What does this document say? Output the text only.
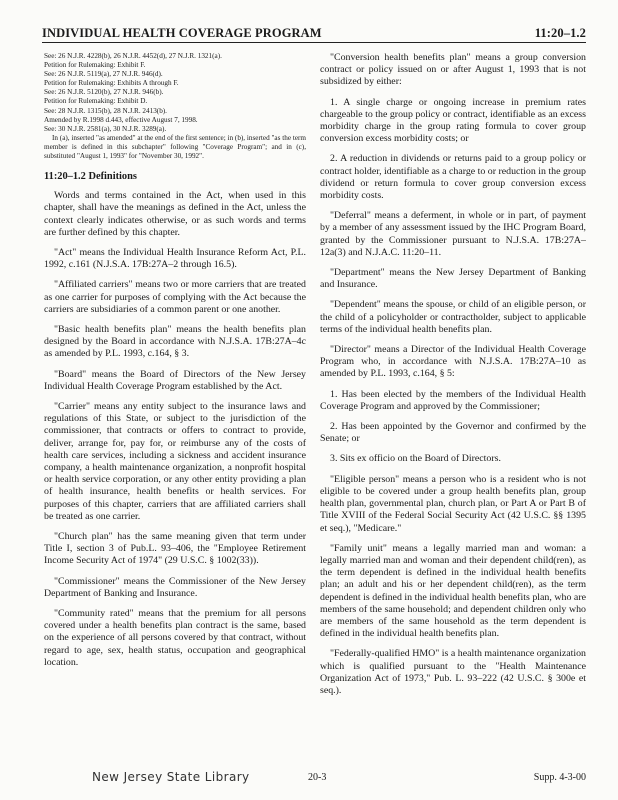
INDIVIDUAL HEALTH COVERAGE PROGRAM	11:20–1.2
See: 26 N.J.R. 4228(b), 26 N.J.R. 4452(d), 27 N.J.R. 1321(a).
Petition for Rulemaking: Exhibit F.
See: 26 N.J.R. 5119(a), 27 N.J.R. 946(d).
Petition for Rulemaking: Exhibits A through F.
See: 26 N.J.R. 5120(b), 27 N.J.R. 946(b).
Petition for Rulemaking: Exhibit D.
See: 28 N.J.R. 1315(b), 28 N.J.R. 2413(b).
Amended by R.1998 d.443, effective August 7, 1998.
See: 30 N.J.R. 2581(a), 30 N.J.R. 3289(a).
In (a), inserted "as amended" at the end of the first sentence; in (b), inserted "as the term member is defined in this subchapter" following "Coverage Program"; and in (c), substituted "August 1, 1993" for "November 30, 1992".
11:20–1.2 Definitions

Words and terms contained in the Act, when used in this chapter, shall have the meanings as defined in the Act, unless the context clearly indicates otherwise, or as such words and terms are further defined by this chapter.

"Act" means the Individual Health Insurance Reform Act, P.L. 1992, c.161 (N.J.S.A. 17B:27A–2 through 16.5).

"Affiliated carriers" means two or more carriers that are treated as one carrier for purposes of complying with the Act because the carriers are subsidiaries of a common parent or one another.

"Basic health benefits plan" means the health benefits plan designed by the Board in accordance with N.J.S.A. 17B:27A–4c as amended by P.L. 1993, c.164, § 3.

"Board" means the Board of Directors of the New Jersey Individual Health Coverage Program established by the Act.

"Carrier" means any entity subject to the insurance laws and regulations of this State, or subject to the jurisdiction of the commissioner, that contracts or offers to contract to provide, deliver, arrange for, pay for, or reimburse any of the costs of health care services, including a sickness and accident insurance company, a health maintenance organization, a nonprofit hospital or health service corporation, or any other entity providing a plan of health insurance, health benefits or health services. For purposes of this chapter, carriers that are affiliated carriers shall be treated as one carrier.

"Church plan" has the same meaning given that term under Title I, section 3 of Pub.L. 93–406, the "Employee Retirement Income Security Act of 1974" (29 U.S.C. § 1002(33)).

"Commissioner" means the Commissioner of the New Jersey Department of Banking and Insurance.

"Community rated" means that the premium for all persons covered under a health benefits plan contract is the same, based on the experience of all persons covered by that contract, without regard to age, sex, health status, occupation and geographical location.

"Conversion health benefits plan" means a group conversion contract or policy issued on or after August 1, 1993 that is not subsidized by either:

1. A single charge or ongoing increase in premium rates chargeable to the group policy or contract, identifiable as an excess morbidity charge in the group rating formula to cover group conversion excess morbidity costs; or

2. A reduction in dividends or returns paid to a group policy or contract holder, identifiable as a charge to or reduction in the group dividend or return formula to cover group conversion excess morbidity costs.

"Deferral" means a deferment, in whole or in part, of payment by a member of any assessment issued by the IHC Program Board, granted by the Commissioner pursuant to N.J.S.A. 17B:27A–12a(3) and N.J.A.C. 11:20–11.

"Department" means the New Jersey Department of Banking and Insurance.

"Dependent" means the spouse, or child of an eligible person, or the child of a policyholder or contractholder, subject to applicable terms of the individual health benefits plan.

"Director" means a Director of the Individual Health Coverage Program who, in accordance with N.J.S.A. 17B:27A–10 as amended by P.L. 1993, c.164, § 5:

1. Has been elected by the members of the Individual Health Coverage Program and approved by the Commissioner;

2. Has been appointed by the Governor and confirmed by the Senate; or

3. Sits ex officio on the Board of Directors.

"Eligible person" means a person who is a resident who is not eligible to be covered under a group health benefits plan, group health plan, governmental plan, church plan, or Part A or Part B of Title XVIII of the Federal Social Security Act (42 U.S.C. §§ 1395 et seq.), "Medicare."

"Family unit" means a legally married man and woman: a legally married man and woman and their dependent child(ren), as the term dependent is defined in the individual health benefits plan; an adult and his or her dependent child(ren), as the term dependent is defined in the individual health benefits plan, who are members of the same household; and dependent children only who are members of the same household as the term dependent is defined in the individual health benefits plan.

"Federally-qualified HMO" is a health maintenance organization which is qualified pursuant to the "Health Maintenance Organization Act of 1973," Pub. L. 93–222 (42 U.S.C. § 300e et seq.).

New Jersey State Library	20-3	Supp. 4-3-00
